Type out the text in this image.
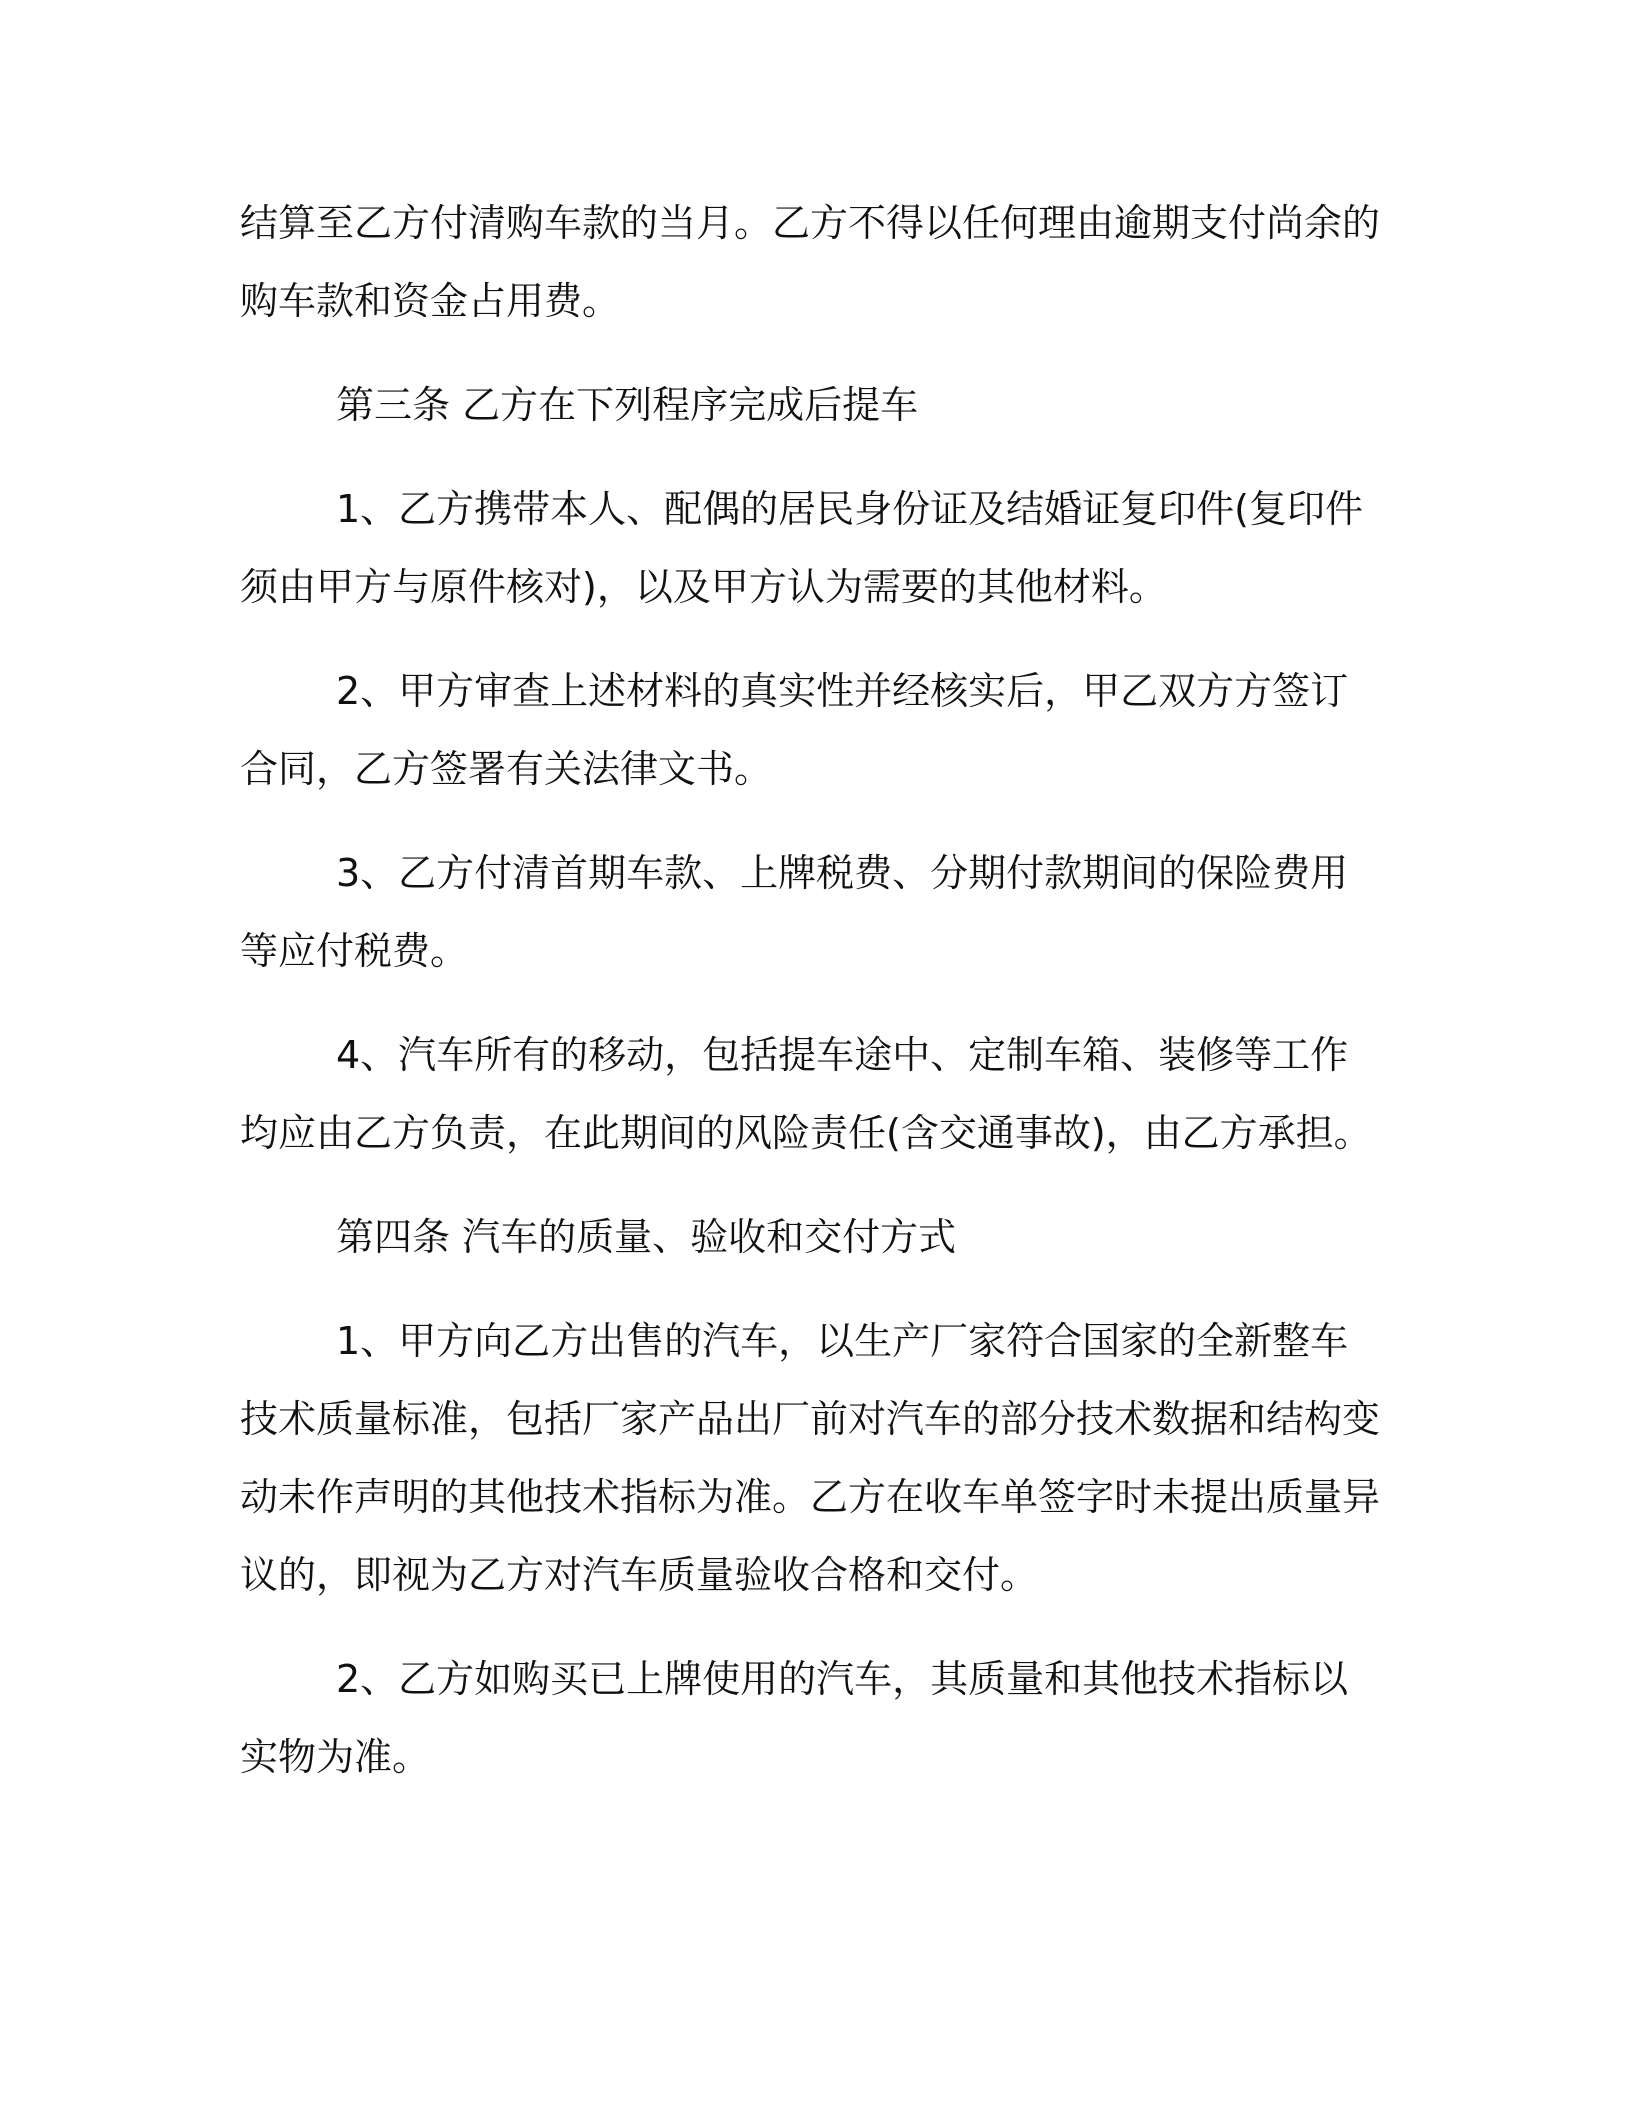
结算至乙方付清购车款的当月。乙方不得以任何理由逾期支付尚余的购车款和资金占用费。

第三条 乙方在下列程序完成后提车

1、乙方携带本人、配偶的居民身份证及结婚证复印件(复印件须由甲方与原件核对)，以及甲方认为需要的其他材料。

2、甲方审查上述材料的真实性并经核实后，甲乙双方方签订合同，乙方签署有关法律文书。

3、乙方付清首期车款、上牌税费、分期付款期间的保险费用等应付税费。

4、汽车所有的移动，包括提车途中、定制车箱、装修等工作均应由乙方负责，在此期间的风险责任(含交通事故)，由乙方承担。

第四条 汽车的质量、验收和交付方式

1、甲方向乙方出售的汽车，以生产厂家符合国家的全新整车技术质量标准，包括厂家产品出厂前对汽车的部分技术数据和结构变动未作声明的其他技术指标为准。乙方在收车单签字时未提出质量异议的，即视为乙方对汽车质量验收合格和交付。

2、乙方如购买已上牌使用的汽车，其质量和其他技术指标以实物为准。
